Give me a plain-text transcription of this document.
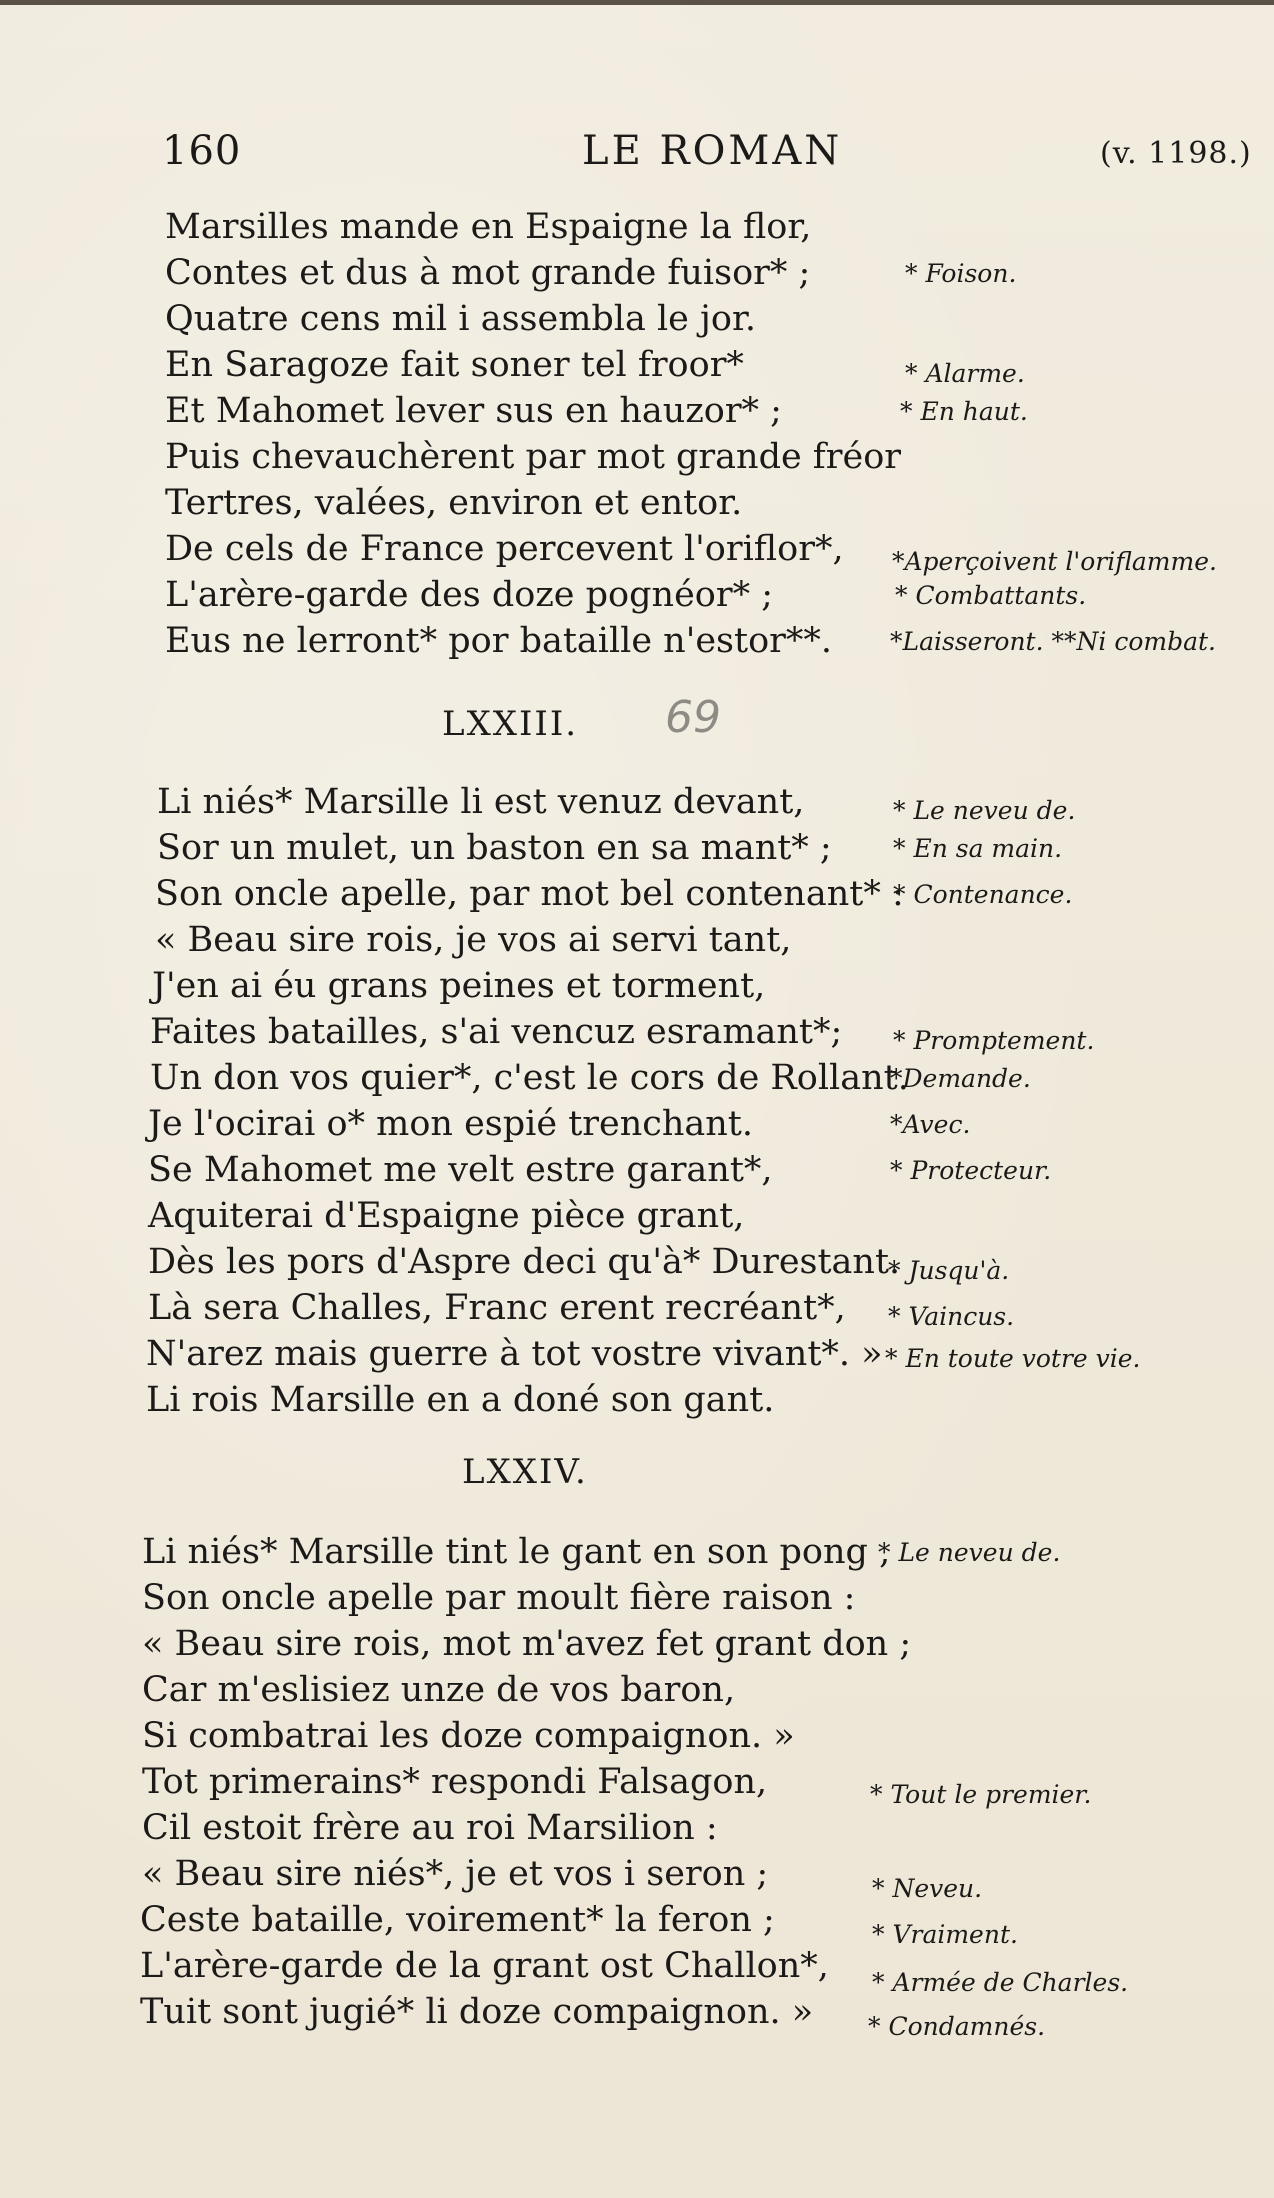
160	LE ROMAN	(v. 1198.)
Marsilles mande en Espaigne la flor,
Contes et dus à mot grande fuisor* ;	* Foison.
Quatre cens mil i assembla le jor.
En Saragoze fait soner tel froor*	* Alarme.
Et Mahomet lever sus en hauzor* ;	* En haut.
Puis chevauchèrent par mot grande fréor
Tertres, valées, environ et entor.
De cels de France percevent l'oriflor*, *Aperçoivent l'oriflamme.
L'arère-garde des doze pognéor* ;	* Combattants.
Eus ne lerront* por bataille n'estor**. *Laisseront. **Ni combat.
LXXIII. 69
Li niés* Marsille li est venuz devant,	* Le neveu de.
Sor un mulet, un baston en sa mant* ; * En sa main.
Son oncle apelle, par mot bel contenant* :
* Contenance.
« Beau sire rois, je vos ai servi tant,
J'en ai éu grans peines et torment,
Faites batailles, s'ai vencuz esramant*; * Promptement.
Un don vos quier*, c'est le cors de Rollant.
*Demande.
Je l'ocirai o* mon espié trenchant.	*Avec.
Se Mahomet me velt estre garant*,	* Protecteur.
Aquiterai d'Espaigne pièce grant,
Dès les pors d'Aspre deci qu'à* Durestant.
* Jusqu'à.
Là sera Challes, Franc erent recréant*, * Vaincus.
N'arez mais guerre à tot vostre vivant*. » * En toute votre vie.
Li rois Marsille en a doné son gant.
LXXIV.
Li niés* Marsille tint le gant en son pong ,
* Le neveu de.
Son oncle apelle par moult fière raison :
« Beau sire rois, mot m'avez fet grant don ;
Car m'eslisiez unze de vos baron,
Si combatrai les doze compaignon. »
Tot primerains* respondi Falsagon,	* Tout le premier.
Cil estoit frère au roi Marsilion :
« Beau sire niés*, je et vos i seron ;	* Neveu.
Ceste bataille, voirement* la feron ;	* Vraiment.
L'arère-garde de la grant ost Challon*, * Armée de Charles.
Tuit sont jugié* li doze compaignon. » * Condamnés.
